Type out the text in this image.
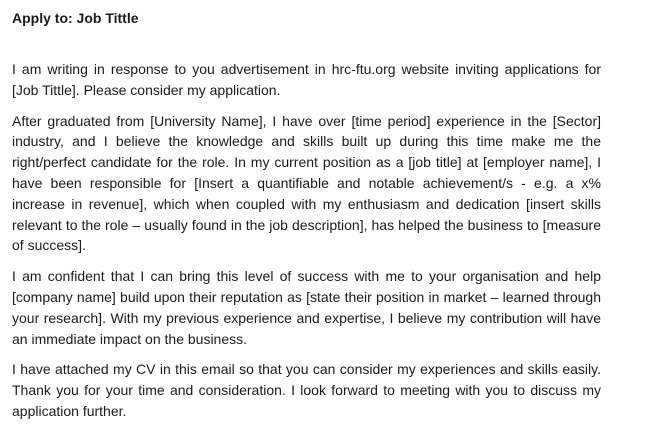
Apply to: Job Tittle

I am writing in response to you advertisement in hrc-ftu.org website inviting applications for [Job Tittle]. Please consider my application.

After graduated from [University Name], I have over [time period] experience in the [Sector] industry, and I believe the knowledge and skills built up during this time make me the right/perfect candidate for the role. In my current position as a [job title] at [employer name], I have been responsible for [Insert a quantifiable and notable achievement/s - e.g. a x% increase in revenue], which when coupled with my enthusiasm and dedication [insert skills relevant to the role – usually found in the job description], has helped the business to [measure of success].

I am confident that I can bring this level of success with me to your organisation and help [company name] build upon their reputation as [state their position in market – learned through your research]. With my previous experience and expertise, I believe my contribution will have an immediate impact on the business.

I have attached my CV in this email so that you can consider my experiences and skills easily. Thank you for your time and consideration. I look forward to meeting with you to discuss my application further.
